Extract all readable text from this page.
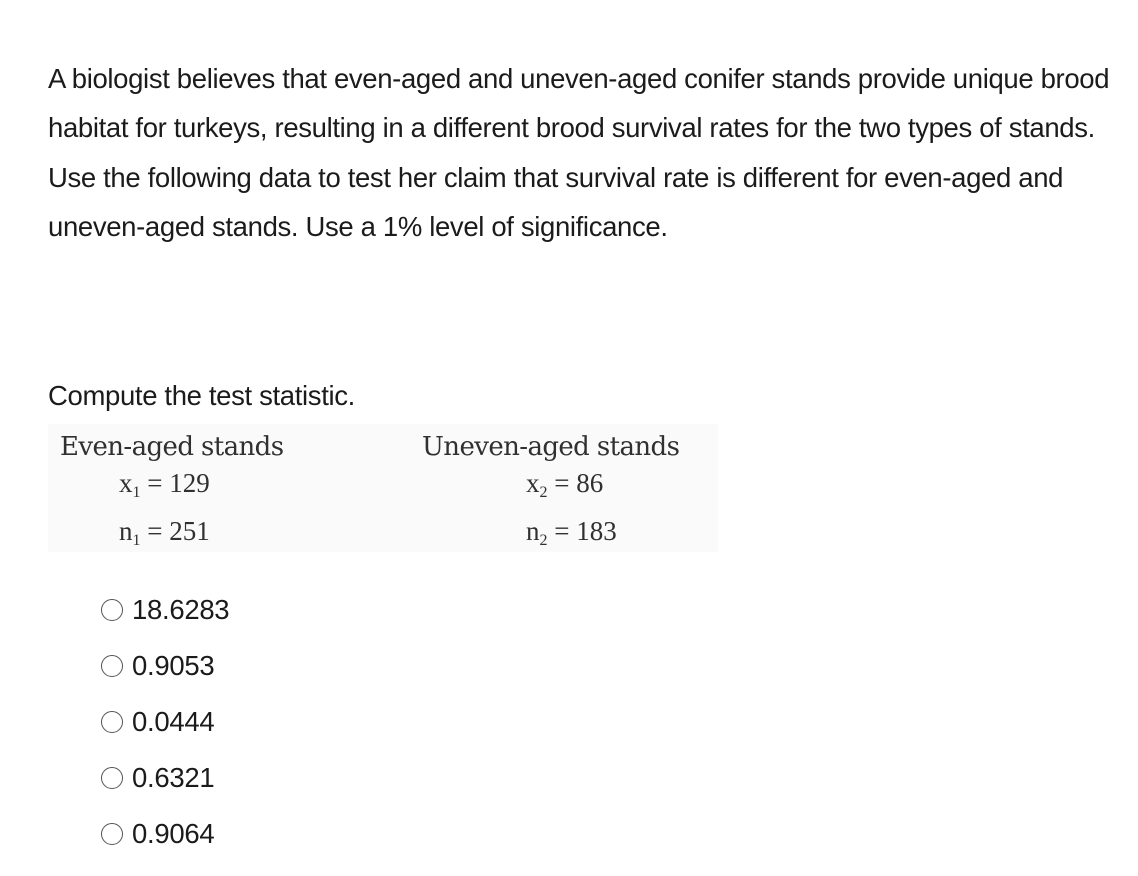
A biologist believes that even-aged and uneven-aged conifer stands provide unique brood habitat for turkeys, resulting in a different brood survival rates for the two types of stands. Use the following data to test her claim that survival rate is different for even-aged and uneven-aged stands. Use a 1% level of significance.

Compute the test statistic.
Even-aged stands
$x_1 = 129$
$n_1 = 251$
Uneven-aged stands
$x_2 = 86$
$n_2 = 183$
18.6283
0.9053
0.0444
0.6321
0.9064
